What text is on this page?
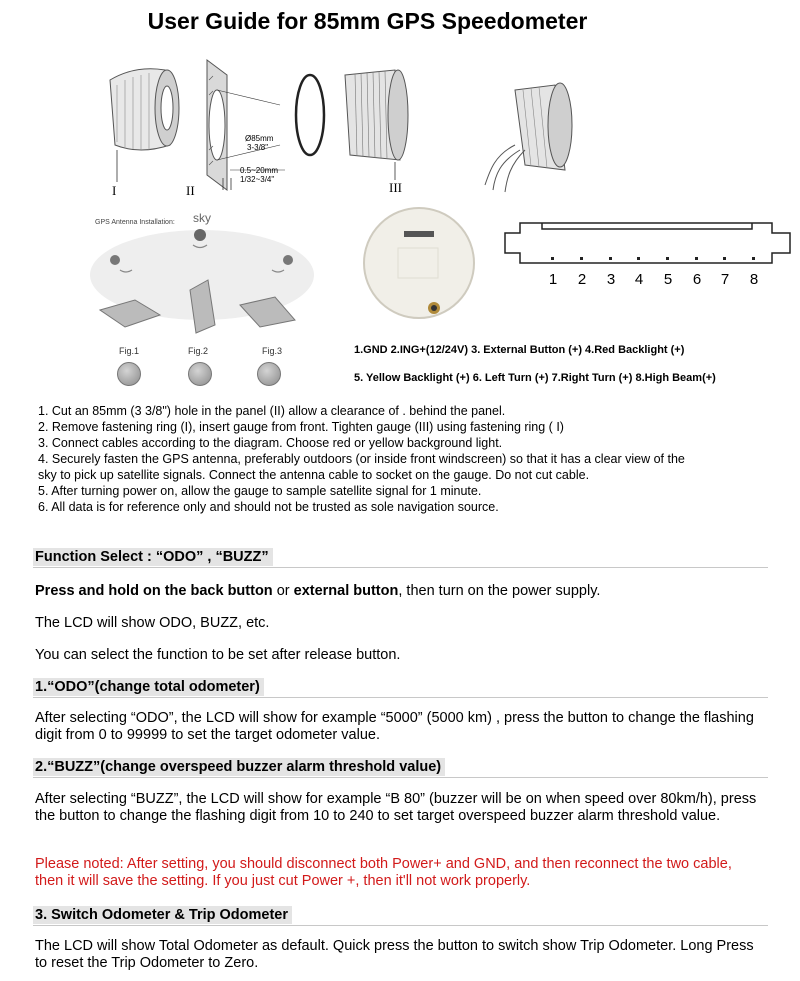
User Guide for 85mm GPS Speedometer
I	II	III
Ø85mm
3-3/8"
0.5~20mm
1/32~3/4"
GPS Antenna Installation: sky
Fig.1	Fig.2	Fig.3
1 2 3 4 5 6 7 8
1.GND 2.ING+(12/24V) 3. External Button (+) 4.Red Backlight (+)
5. Yellow Backlight (+) 6. Left Turn (+) 7.Right Turn (+) 8.High Beam(+)
1. Cut an 85mm (3 3/8") hole in the panel (II) allow a clearance of . behind the panel.
2. Remove fastening ring (I), insert gauge from front. Tighten gauge (III) using fastening ring ( I)
3. Connect cables according to the diagram. Choose red or yellow background light.
4. Securely fasten the GPS antenna, preferably outdoors (or inside front windscreen) so that it has a clear view of the sky to pick up satellite signals. Connect the antenna cable to socket on the gauge. Do not cut cable.
5. After turning power on, allow the gauge to sample satellite signal for 1 minute.
6. All data is for reference only and should not be trusted as sole navigation source.
Function Select : “ODO” , “BUZZ”
Press and hold on the back button or external button, then turn on the power supply.
The LCD will show ODO, BUZZ, etc.
You can select the function to be set after release button.
1.“ODO”(change total odometer)
After selecting “ODO”, the LCD will show for example “5000” (5000 km) , press the button to change the flashing digit from 0 to 99999 to set the target odometer value.
2.“BUZZ”(change overspeed buzzer alarm threshold value)
After selecting “BUZZ”, the LCD will show for example “B 80” (buzzer will be on when speed over 80km/h), press the button to change the flashing digit from 10 to 240 to set target overspeed buzzer alarm threshold value.
Please noted: After setting, you should disconnect both Power+ and GND, and then reconnect the two cable, then it will save the setting. If you just cut Power +, then it'll not work properly.
3. Switch Odometer & Trip Odometer
The LCD will show Total Odometer as default. Quick press the button to switch show Trip Odometer. Long Press to reset the Trip Odometer to Zero.
